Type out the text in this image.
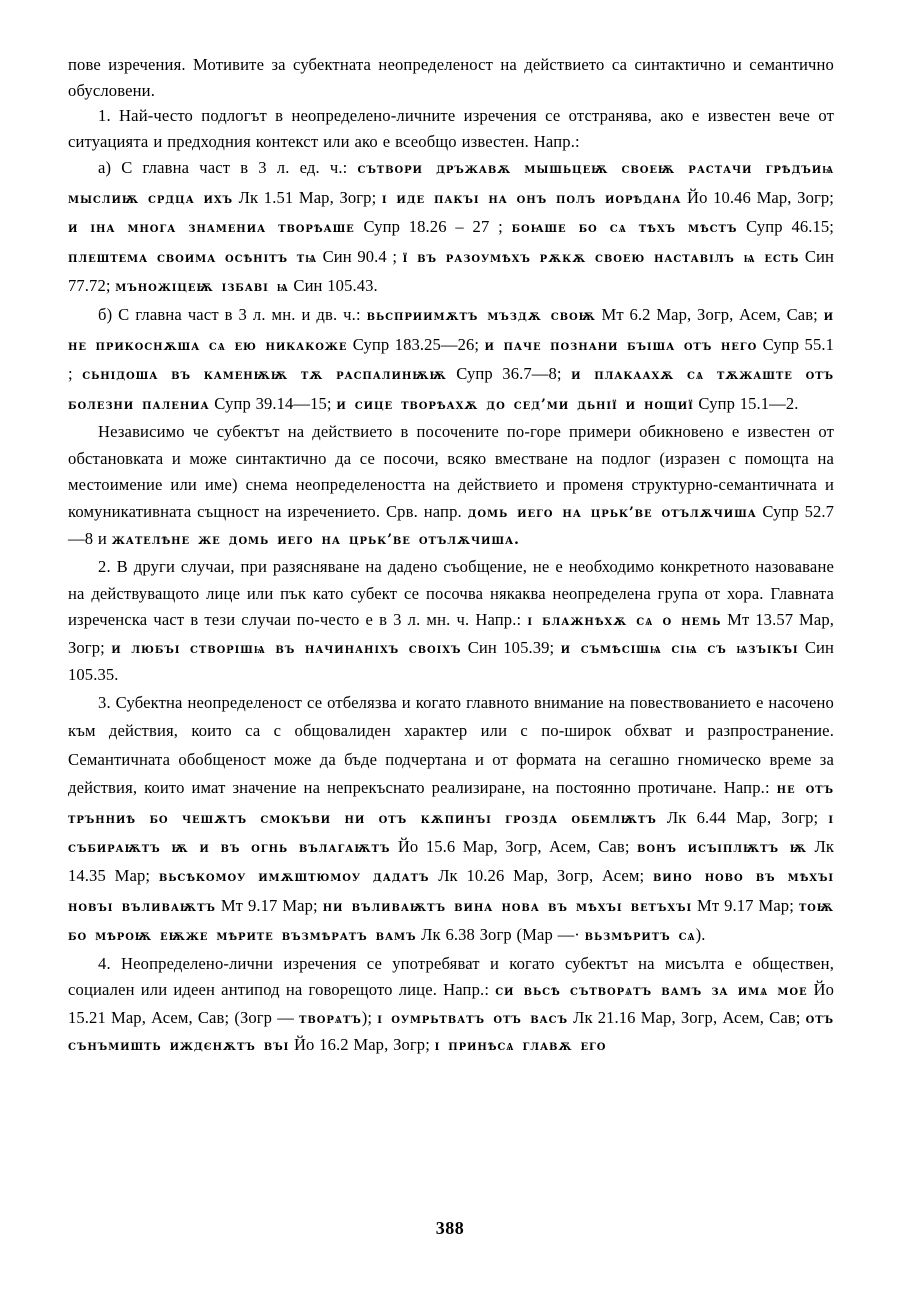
пове изречения. Мотивите за субектната неопределеност на действието са синтактично и семантично обусловени.

1. Най-често подлогът в неопределено-личните изречения се отстранява, ако е известен вече от ситуацията и предходния контекст или ако е всеобщо известен. Напр.:

а) С главна част в 3 л. ед. ч.: сътвори дръжавѫ мышьцеѭ своеѭ растачи грѣдъиѩ мыслиѭ срдца ихъ Лк 1.51 Мар, Зогр; і иде пакъі на онъ полъ иорѣдана Йо 10.46 Мар, Зогр; и іна многа знамениа творѣаше Супр 18.26 – 27 ; боꙗше бо сѧ тѣхъ мѣстъ Супр 46.15; плештема своима осѣнітъ тѩ Син 90.4 ; ї въ разоумѣхъ рѫкѫ своею наставілъ ѩ есть Син 77.72; мъножіцеѭ ізбаві ѩ Син 105.43.

б) С главна част в 3 л. мн. и дв. ч.: вьсприимѫтъ мъздѫ своѭ Мт 6.2 Мар, Зогр, Асем, Сав; и не прикоснѫша сѧ ею никакоже Супр 183.25—26; и паче познани бъіша отъ него Супр 55.1 ; сьнідоша въ каменѭѭ тѫ распалинѭѭ Супр 36.7—8; и плакаахѫ сѧ тѫжаште отъ болезни палениа Супр 39.14—15; и сице творѣахѫ до сед’ми дьнії и нощиї Супр 15.1—2.

Независимо че субектът на действието в посочените по-горе примери обикновено е известен от обстановката и може синтактично да се посочи, всяко вместване на подлог (изразен с помощта на местоимение или име) снема неопределеността на действието и променя структурно-семантичната и комуникативната същност на изречението. Срв. напр. домь иего на црьк’ве отълѫчиша Супр 52.7—8 и жателѣне же домь иего на црьк’ве отълѫчиша.

2. В други случаи, при разясняване на дадено съобщение, не е необходимо конкретното назоваване на действуващото лице или пък като субект се посочва някаква неопределена група от хора. Главната изреченска част в тези случаи по-често е в 3 л. мн. ч. Напр.: і блажнѣхѫ сѧ о немь Мт 13.57 Мар, Зогр; и любъі створішѩ въ начинаніхъ своіхъ Син 105.39; и съмѣсішѩ сіѩ съ ѩзъікъі Син 105.35.

3. Субектна неопределеност се отбелязва и когато главното внимание на повествованието е насочено към действия, които са с общовалиден характер или с по-широк обхват и разпространение. Семантичната обобщеност може да бъде подчертана и от формата на сегашно гномическо време за действия, които имат значение на непрекъснато реализиране, на постоянно протичане. Напр.: не отъ трънниѣ бо чешѫтъ смокъви ни отъ кѫпинъі грозда обемлѭтъ Лк 6.44 Мар, Зогр; і събираѭтъ ѭ и въ огнь вълагаѭтъ Йо 15.6 Мар, Зогр, Асем, Сав; вонъ исъіплѭтъ ѭ Лк 14.35 Мар; вьсѣкомоу имѫштюмоу дадатъ Лк 10.26 Мар, Зогр, Асем; вино ново въ мѣхъі новъі въливаѭтъ Мт 9.17 Мар; ни въливаѭтъ вина нова въ мѣхъі ветъхъі Мт 9.17 Мар; тоѭ бо мѣроѭ еѭже мѣрите възмѣратъ вамъ Лк 6.38 Зогр (Мар —· вьзмѣритъ сѧ).

4. Неопределено-лични изречения се употребяват и когато субектът на мисълта е обществен, социален или идеен антипод на говорещото лице. Напр.: си вьсѣ сътворѧтъ вамъ за имѧ мое Йо 15.21 Мар, Асем, Сав; (Зогр — творѧтъ); і оумрьтватъ отъ васъ Лк 21.16 Мар, Зогр, Асем, Сав; отъ сънъмишть иждєнѫтъ въі Йо 16.2 Мар, Зогр; і принѣсѧ главѫ его

388
